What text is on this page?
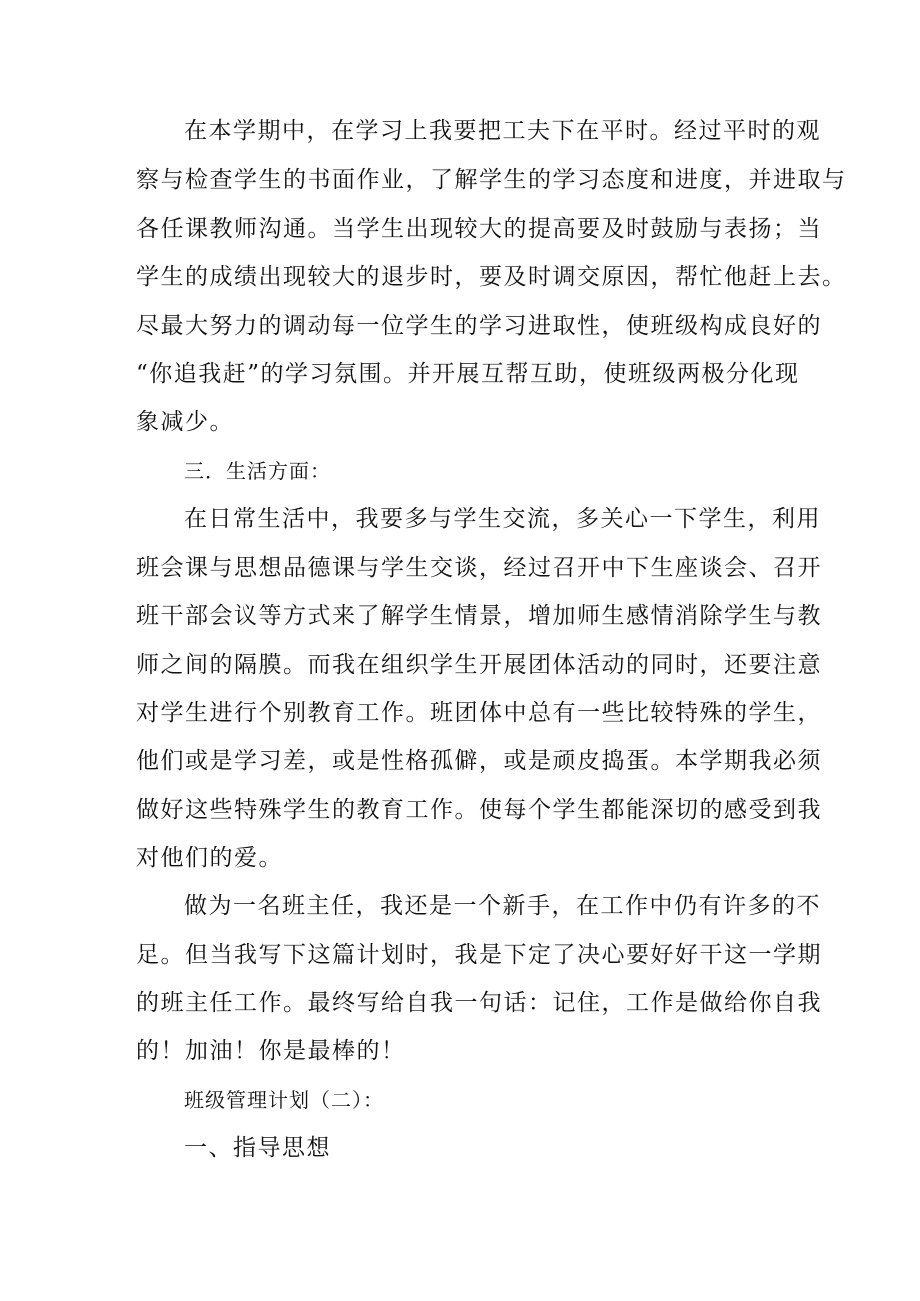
在本学期中，在学习上我要把工夫下在平时。经过平时的观
察与检查学生的书面作业，了解学生的学习态度和进度，并进取与
各任课教师沟通。当学生出现较大的提高要及时鼓励与表扬；当
学生的成绩出现较大的退步时，要及时调交原因，帮忙他赶上去。
尽最大努力的调动每一位学生的学习进取性，使班级构成良好的
“你追我赶”的学习氛围。并开展互帮互助，使班级两极分化现
象减少。
三．生活方面：
在日常生活中，我要多与学生交流，多关心一下学生，利用
班会课与思想品德课与学生交谈，经过召开中下生座谈会、召开
班干部会议等方式来了解学生情景，增加师生感情消除学生与教
师之间的隔膜。而我在组织学生开展团体活动的同时，还要注意
对学生进行个别教育工作。班团体中总有一些比较特殊的学生，
他们或是学习差，或是性格孤僻，或是顽皮捣蛋。本学期我必须
做好这些特殊学生的教育工作。使每个学生都能深切的感受到我
对他们的爱。
做为一名班主任，我还是一个新手，在工作中仍有许多的不
足。但当我写下这篇计划时，我是下定了决心要好好干这一学期
的班主任工作。最终写给自我一句话：记住，工作是做给你自我
的！加油！你是最棒的！
班级管理计划（二）：
一、指导思想
